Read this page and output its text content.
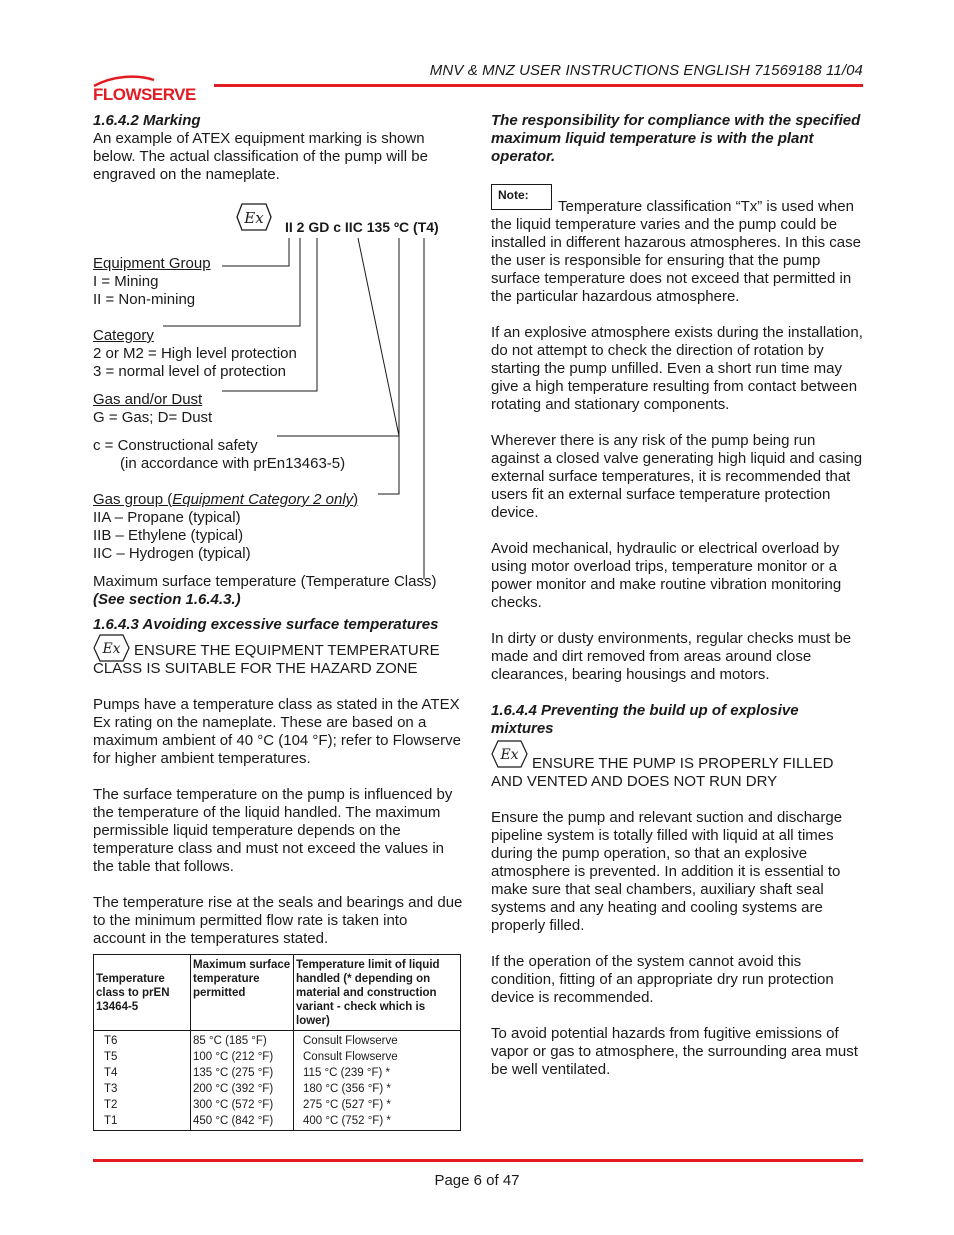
MNV & MNZ USER INSTRUCTIONS ENGLISH 71569188 11/04
FLOWSERVE

1.6.4.2 Marking

An example of ATEX equipment marking is shown below. The actual classification of the pump will be engraved on the nameplate.

Ex II 2 GD c IIC 135 ºC (T4)

Equipment Group

I = Mining

II = Non-mining

Category

2 or M2 = High level protection

3 = normal level of protection

Gas and/or Dust

G = Gas; D= Dust

c = Constructional safety

(in accordance with prEn13463-5)

Gas group (Equipment Category 2 only)

IIA – Propane (typical)

IIB – Ethylene (typical)

IIC – Hydrogen (typical)

Maximum surface temperature (Temperature Class)

(See section 1.6.4.3.)

1.6.4.3 Avoiding excessive surface temperatures

Ex ENSURE THE EQUIPMENT TEMPERATURE CLASS IS SUITABLE FOR THE HAZARD ZONE

Pumps have a temperature class as stated in the ATEX Ex rating on the nameplate. These are based on a maximum ambient of 40 °C (104 °F); refer to Flowserve for higher ambient temperatures.

The surface temperature on the pump is influenced by the temperature of the liquid handled. The maximum permissible liquid temperature depends on the temperature class and must not exceed the values in the table that follows.

The temperature rise at the seals and bearings and due to the minimum permitted flow rate is taken into account in the temperatures stated.

Temperature class to prEN 13464-5	Maximum surface temperature permitted	Temperature limit of liquid handled (* depending on material and construction variant - check which is lower)
T6	85 °C (185 °F)	Consult Flowserve
T5	100 °C (212 °F)	Consult Flowserve
T4	135 °C (275 °F)	115 °C (239 °F) *
T3	200 °C (392 °F)	180 °C (356 °F) *
T2	300 °C (572 °F)	275 °C (527 °F) *
T1	450 °C (842 °F)	400 °C (752 °F) *

The responsibility for compliance with the specified maximum liquid temperature is with the plant operator.

Note:

Temperature classification “Tx” is used when the liquid temperature varies and the pump could be installed in different hazarous atmospheres. In this case the user is responsible for ensuring that the pump surface temperature does not exceed that permitted in the particular hazardous atmosphere.

If an explosive atmosphere exists during the installation, do not attempt to check the direction of rotation by starting the pump unfilled. Even a short run time may give a high temperature resulting from contact between rotating and stationary components.

Wherever there is any risk of the pump being run against a closed valve generating high liquid and casing external surface temperatures, it is recommended that users fit an external surface temperature protection device.

Avoid mechanical, hydraulic or electrical overload by using motor overload trips, temperature monitor or a power monitor and make routine vibration monitoring checks.

In dirty or dusty environments, regular checks must be made and dirt removed from areas around close clearances, bearing housings and motors.

1.6.4.4 Preventing the build up of explosive mixtures

Ex ENSURE THE PUMP IS PROPERLY FILLED AND VENTED AND DOES NOT RUN DRY

Ensure the pump and relevant suction and discharge pipeline system is totally filled with liquid at all times during the pump operation, so that an explosive atmosphere is prevented. In addition it is essential to make sure that seal chambers, auxiliary shaft seal systems and any heating and cooling systems are properly filled.

If the operation of the system cannot avoid this condition, fitting of an appropriate dry run protection device is recommended.

To avoid potential hazards from fugitive emissions of vapor or gas to atmosphere, the surrounding area must be well ventilated.

Page 6 of 47
